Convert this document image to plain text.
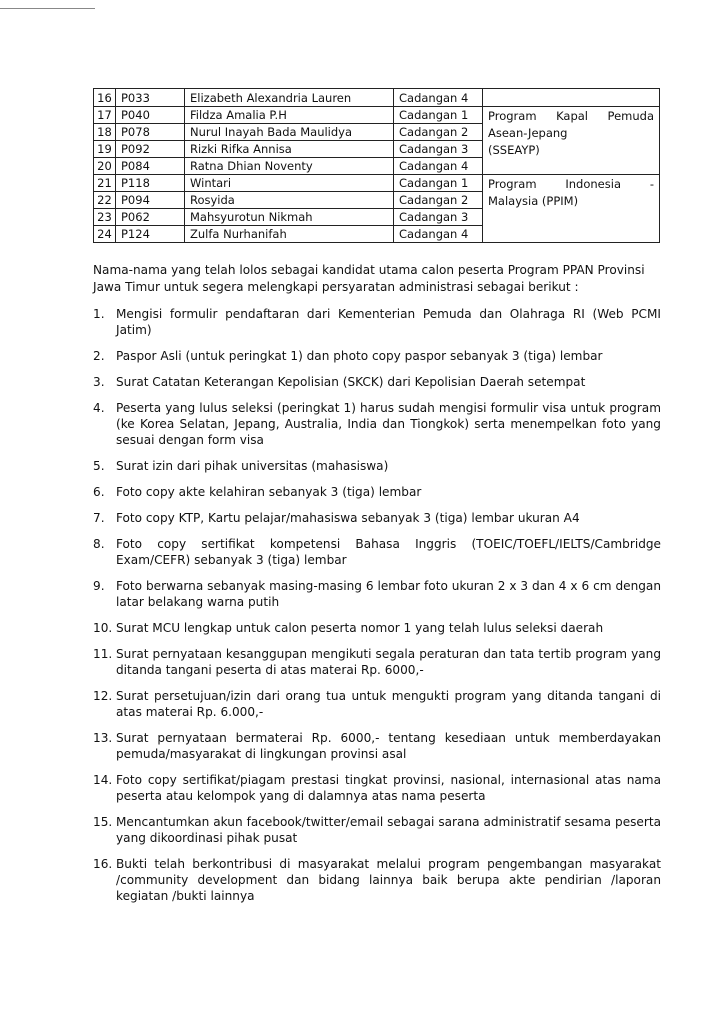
16	P033	Elizabeth Alexandria Lauren	Cadangan 4	
17	P040	Fildza Amalia P.H	Cadangan 1	Program Kapal Pemuda
Asean-Jepang
(SSEAYP)

18	P078	Nurul Inayah Bada Maulidya	Cadangan 2	
19	P092	Rizki Rifka Annisa	Cadangan 3	
20	P084	Ratna Dhian Noventy	Cadangan 4	
21	P118	Wintari	Cadangan 1	Program Indonesia -
Malaysia (PPIM)

22	P094	Rosyida	Cadangan 2	
23	P062	Mahsyurotun Nikmah	Cadangan 3	
24	P124	Zulfa Nurhanifah	Cadangan 4	

Nama-nama yang telah lolos sebagai kandidat utama calon peserta Program PPAN Provinsi Jawa Timur untuk segera melengkapi persyaratan administrasi sebagai berikut :

1. Mengisi formulir pendaftaran dari Kementerian Pemuda dan Olahraga RI (Web PCMI Jatim)
2. Paspor Asli (untuk peringkat 1) dan photo copy paspor sebanyak 3 (tiga) lembar
3. Surat Catatan Keterangan Kepolisian (SKCK) dari Kepolisian Daerah setempat
4. Peserta yang lulus seleksi (peringkat 1) harus sudah mengisi formulir visa untuk program (ke Korea Selatan, Jepang, Australia, India dan Tiongkok) serta menempelkan foto yang sesuai dengan form visa
5. Surat izin dari pihak universitas (mahasiswa)
6. Foto copy akte kelahiran sebanyak 3 (tiga) lembar
7. Foto copy KTP, Kartu pelajar/mahasiswa sebanyak 3 (tiga) lembar ukuran A4
8. Foto copy sertifikat kompetensi Bahasa Inggris (TOEIC/TOEFL/IELTS/Cambridge Exam/CEFR) sebanyak 3 (tiga) lembar
9. Foto berwarna sebanyak masing-masing 6 lembar foto ukuran 2 x 3 dan 4 x 6 cm dengan latar belakang warna putih
10. Surat MCU lengkap untuk calon peserta nomor 1 yang telah lulus seleksi daerah
11. Surat pernyataan kesanggupan mengikuti segala peraturan dan tata tertib program yang ditanda tangani peserta di atas materai Rp. 6000,-
12. Surat persetujuan/izin dari orang tua untuk mengukti program yang ditanda tangani di atas materai Rp. 6.000,-
13. Surat pernyataan bermaterai Rp. 6000,- tentang kesediaan untuk memberdayakan pemuda/masyarakat di lingkungan provinsi asal
14. Foto copy sertifikat/piagam prestasi tingkat provinsi, nasional, internasional atas nama peserta atau kelompok yang di dalamnya atas nama peserta
15. Mencantumkan akun facebook/twitter/email sebagai sarana administratif sesama peserta yang dikoordinasi pihak pusat
16. Bukti telah berkontribusi di masyarakat melalui program pengembangan masyarakat /community development dan bidang lainnya baik berupa akte pendirian /laporan kegiatan /bukti lainnya
